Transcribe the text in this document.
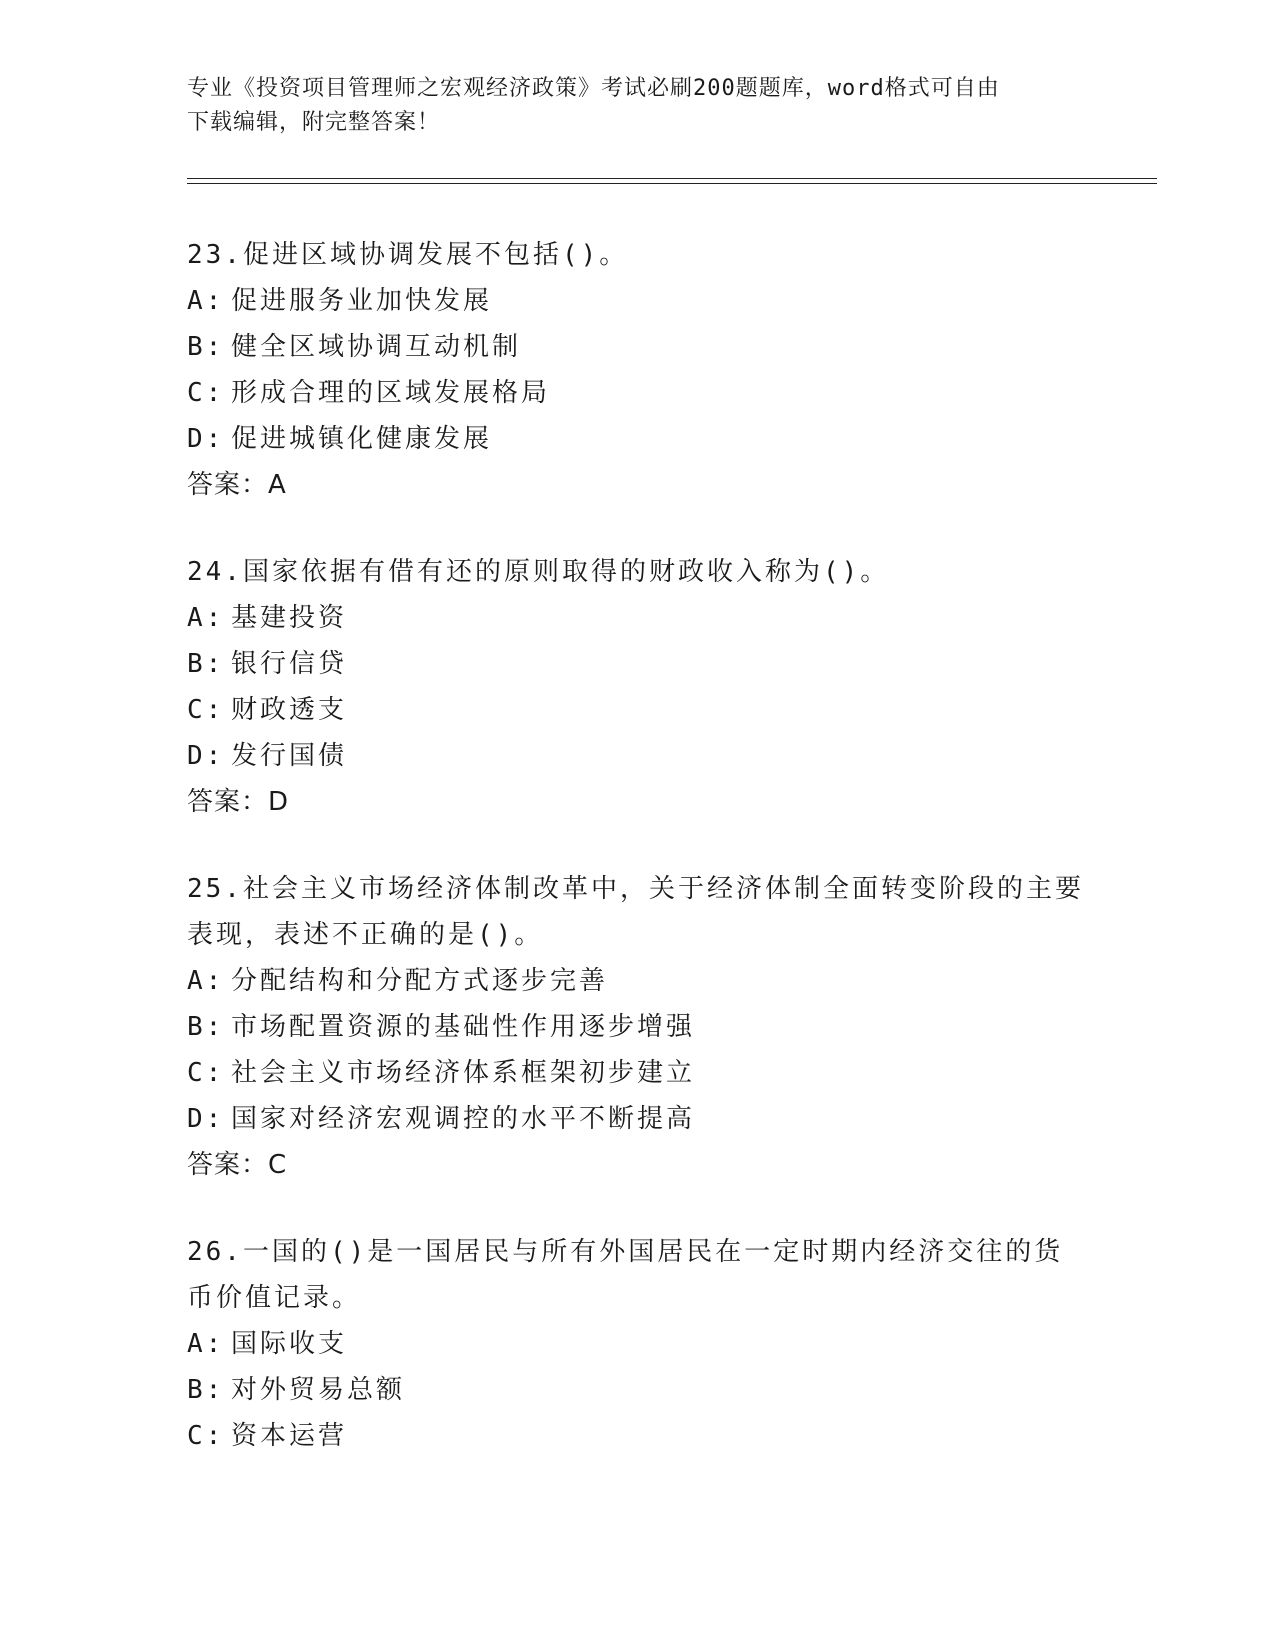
专业《投资项目管理师之宏观经济政策》考试必刷200题题库，word格式可自由
下载编辑，附完整答案！
23.促进区域协调发展不包括()。
A: 促进服务业加快发展
B: 健全区域协调互动机制
C: 形成合理的区域发展格局
D: 促进城镇化健康发展
答案：A
24.国家依据有借有还的原则取得的财政收入称为()。
A: 基建投资
B: 银行信贷
C: 财政透支
D: 发行国债
答案：D
25.社会主义市场经济体制改革中，关于经济体制全面转变阶段的主要表现，表述不正确的是()。
A: 分配结构和分配方式逐步完善
B: 市场配置资源的基础性作用逐步增强
C: 社会主义市场经济体系框架初步建立
D: 国家对经济宏观调控的水平不断提高
答案：C
26.一国的()是一国居民与所有外国居民在一定时期内经济交往的货币价值记录。
A: 国际收支
B: 对外贸易总额
C: 资本运营
